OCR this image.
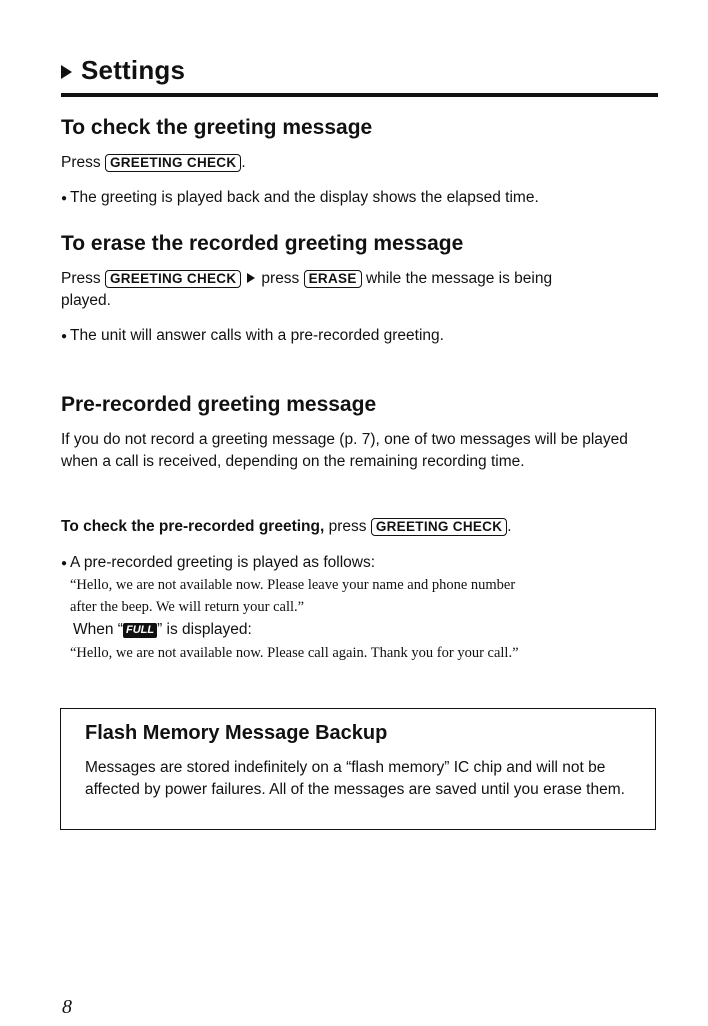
Settings
To check the greeting message

Press GREETING CHECK .

● The greeting is played back and the display shows the elapsed time.

To erase the recorded greeting message

Press GREETING CHECK press ERASE while the message is being

played.

● The unit will answer calls with a pre-recorded greeting.

Pre-recorded greeting message

If you do not record a greeting message (p. 7), one of two messages will be played when a call is received, depending on the remaining recording time.

To check the pre-recorded greeting, press GREETING CHECK .

● A pre-recorded greeting is played as follows:

“Hello, we are not available now. Please leave your name and phone number

after the beep. We will return your call.”

When “ FULL ” is displayed:

“Hello, we are not available now. Please call again. Thank you for your call.”

Flash Memory Message Backup

Messages are stored indefinitely on a “flash memory” IC chip and will not be affected by power failures. All of the messages are saved until you erase them.

8
